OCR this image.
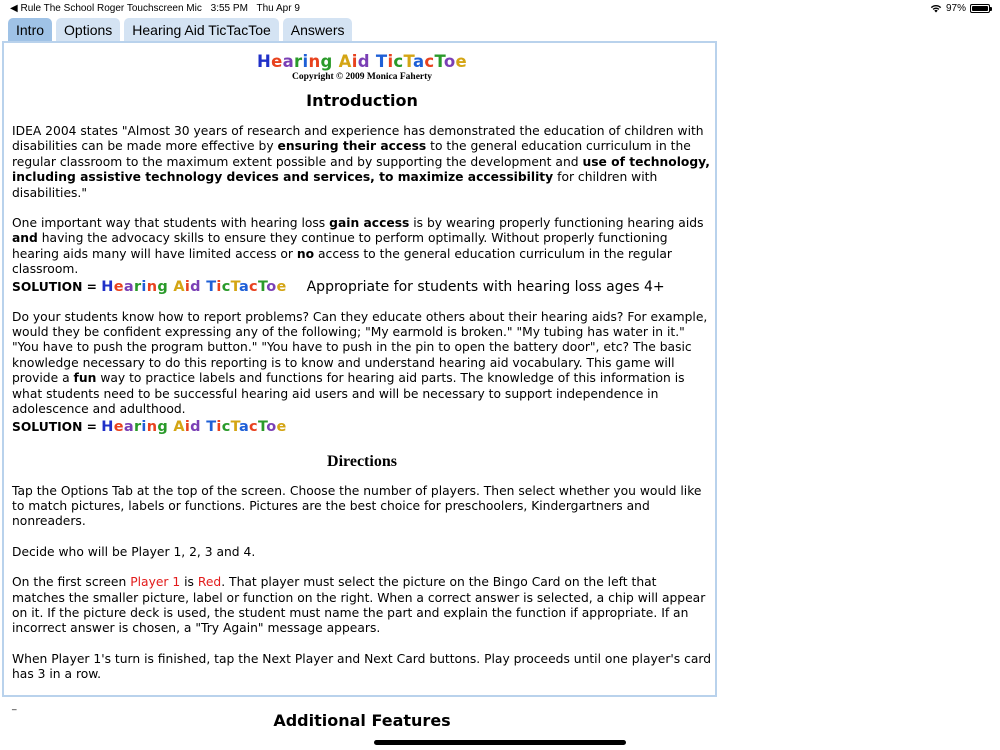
◀ Rule The School Roger Touchscreen Mic 3:55 PM Thu Apr 9	97%
Intro	Options	Hearing Aid TicTacToe	Answers
Hearing Aid TicTacToe
Copyright © 2009 Monica Faherty
Introduction

IDEA 2004 states "Almost 30 years of research and experience has demonstrated the education of children with disabilities can be made more effective by ensuring their access to the general education curriculum in the regular classroom to the maximum extent possible and by supporting the development and use of technology, including assistive technology devices and services, to maximize accessibility for children with disabilities."

One important way that students with hearing loss gain access is by wearing properly functioning hearing aids and having the advocacy skills to ensure they continue to perform optimally. Without properly functioning hearing aids many will have limited access or no access to the general education curriculum in the regular classroom.

SOLUTION = Hearing Aid TicTacToe Appropriate for students with hearing loss ages 4+

Do your students know how to report problems? Can they educate others about their hearing aids? For example, would they be confident expressing any of the following; "My earmold is broken." "My tubing has water in it." "You have to push the program button." "You have to push in the pin to open the battery door", etc? The basic knowledge necessary to do this reporting is to know and understand hearing aid vocabulary. This game will provide a fun way to practice labels and functions for hearing aid parts. The knowledge of this information is what students need to be successful hearing aid users and will be necessary to support independence in adolescence and adulthood.

SOLUTION = Hearing Aid TicTacToe
Directions

Tap the Options Tab at the top of the screen. Choose the number of players. Then select whether you would like to match pictures, labels or functions. Pictures are the best choice for preschoolers, Kindergartners and nonreaders.

Decide who will be Player 1, 2, 3 and 4.

On the first screen Player 1 is Red. That player must select the picture on the Bingo Card on the left that matches the smaller picture, label or function on the right. When a correct answer is selected, a chip will appear on it. If the picture deck is used, the student must name the part and explain the function if appropriate. If an incorrect answer is chosen, a "Try Again" message appears.

When Player 1's turn is finished, tap the Next Player and Next Card buttons. Play proceeds until one player's card has 3 in a row.

_
Additional Features
